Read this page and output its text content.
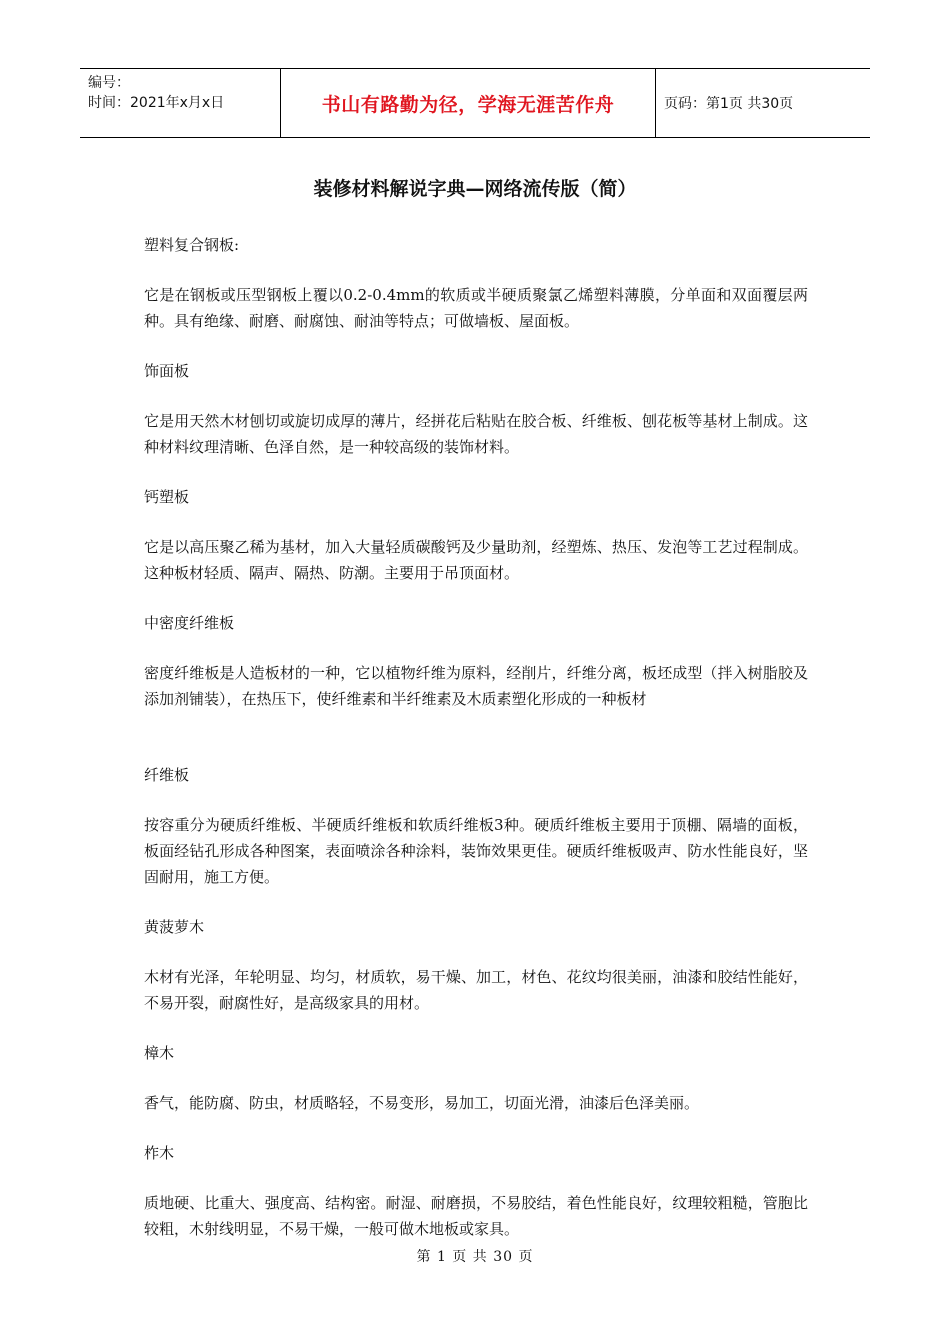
编号：
时间：2021年x月x日	书山有路勤为径，学海无涯苦作舟	页码：第1页 共30页
装修材料解说字典—网络流传版（简）
塑料复合钢板:
它是在钢板或压型钢板上覆以0.2-0.4mm的软质或半硬质聚氯乙烯塑料薄膜，分单面和双面覆层两种。具有绝缘、耐磨、耐腐蚀、耐油等特点；可做墙板、屋面板。
饰面板
它是用天然木材刨切或旋切成厚的薄片，经拼花后粘贴在胶合板、纤维板、刨花板等基材上制成。这种材料纹理清晰、色泽自然，是一种较高级的装饰材料。
钙塑板
它是以高压聚乙稀为基材，加入大量轻质碳酸钙及少量助剂，经塑炼、热压、发泡等工艺过程制成。这种板材轻质、隔声、隔热、防潮。主要用于吊顶面材。
中密度纤维板
密度纤维板是人造板材的一种，它以植物纤维为原料，经削片，纤维分离，板坯成型（拌入树脂胶及添加剂铺装），在热压下，使纤维素和半纤维素及木质素塑化形成的一种板材
纤维板
按容重分为硬质纤维板、半硬质纤维板和软质纤维板3种。硬质纤维板主要用于顶棚、隔墙的面板，板面经钻孔形成各种图案，表面喷涂各种涂料，装饰效果更佳。硬质纤维板吸声、防水性能良好，坚固耐用，施工方便。
黄菠萝木
木材有光泽，年轮明显、均匀，材质软，易干燥、加工，材色、花纹均很美丽，油漆和胶结性能好，不易开裂，耐腐性好，是高级家具的用材。
樟木
香气，能防腐、防虫，材质略轻，不易变形，易加工，切面光滑，油漆后色泽美丽。
柞木
质地硬、比重大、强度高、结构密。耐湿、耐磨损，不易胶结，着色性能良好，纹理较粗糙，管胞比较粗，木射线明显，不易干燥，一般可做木地板或家具。
第 1 页 共 30 页
